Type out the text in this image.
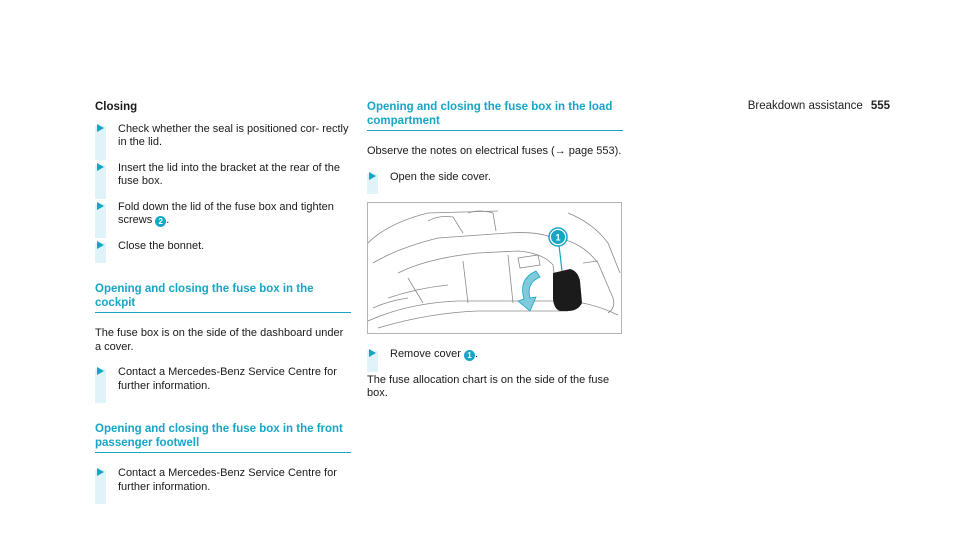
Breakdown assistance 555
Closing
Check whether the seal is positioned cor- rectly in the lid.
Insert the lid into the bracket at the rear of the fuse box.
Fold down the lid of the fuse box and tighten screws 2 .
Close the bonnet.
Opening and closing the fuse box in the cockpit

The fuse box is on the side of the dashboard under a cover.

Contact a Mercedes-Benz Service Centre for further information.
Opening and closing the fuse box in the front passenger footwell
Contact a Mercedes-Benz Service Centre for further information.
Opening and closing the fuse box in the load compartment

Observe the notes on electrical fuses (→ page 553).

Open the side cover.
1
Remove cover 1 .

The fuse allocation chart is on the side of the fuse box.
